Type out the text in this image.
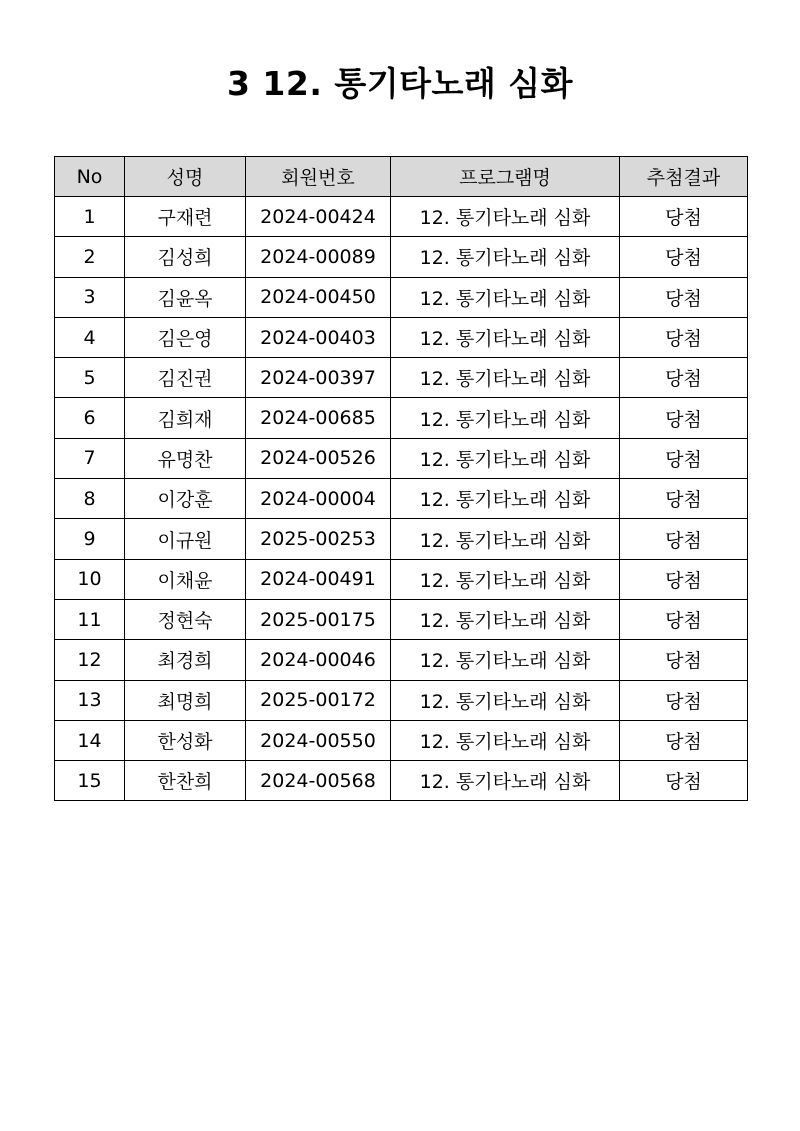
3 12. 통기타노래 심화
No	성명	회원번호	프로그램명	추첨결과
1	구재련	2024-00424	12. 통기타노래 심화	당첨
2	김성희	2024-00089	12. 통기타노래 심화	당첨
3	김윤옥	2024-00450	12. 통기타노래 심화	당첨
4	김은영	2024-00403	12. 통기타노래 심화	당첨
5	김진권	2024-00397	12. 통기타노래 심화	당첨
6	김희재	2024-00685	12. 통기타노래 심화	당첨
7	유명찬	2024-00526	12. 통기타노래 심화	당첨
8	이강훈	2024-00004	12. 통기타노래 심화	당첨
9	이규원	2025-00253	12. 통기타노래 심화	당첨
10	이채윤	2024-00491	12. 통기타노래 심화	당첨
11	정현숙	2025-00175	12. 통기타노래 심화	당첨
12	최경희	2024-00046	12. 통기타노래 심화	당첨
13	최명희	2025-00172	12. 통기타노래 심화	당첨
14	한성화	2024-00550	12. 통기타노래 심화	당첨
15	한찬희	2024-00568	12. 통기타노래 심화	당첨
